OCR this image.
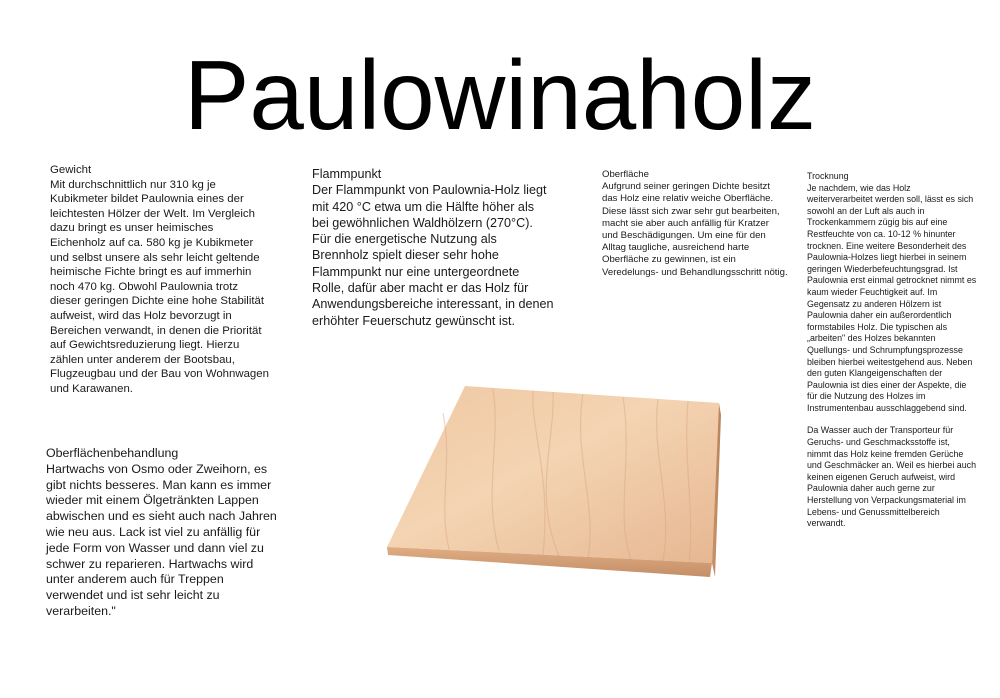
Paulowinaholz
Gewicht
Mit durchschnittlich nur 310 kg je
Kubikmeter bildet Paulownia eines der
leichtesten Hölzer der Welt. Im Vergleich
dazu bringt es unser heimisches
Eichenholz auf ca. 580 kg je Kubikmeter
und selbst unsere als sehr leicht geltende
heimische Fichte bringt es auf immerhin
noch 470 kg. Obwohl Paulownia trotz
dieser geringen Dichte eine hohe Stabilität
aufweist, wird das Holz bevorzugt in
Bereichen verwandt, in denen die Priorität
auf Gewichtsreduzierung liegt. Hierzu
zählen unter anderem der Bootsbau,
Flugzeugbau und der Bau von Wohnwagen
und Karawanen.
Flammpunkt
Der Flammpunkt von Paulownia-Holz liegt
mit 420 °C etwa um die Hälfte höher als
bei gewöhnlichen Waldhölzern (270°C).
Für die energetische Nutzung als
Brennholz spielt dieser sehr hohe
Flammpunkt nur eine untergeordnete
Rolle, dafür aber macht er das Holz für
Anwendungsbereiche interessant, in denen
erhöhter Feuerschutz gewünscht ist.
Oberfläche
Aufgrund seiner geringen Dichte besitzt
das Holz eine relativ weiche Oberfläche.
Diese lässt sich zwar sehr gut bearbeiten,
macht sie aber auch anfällig für Kratzer
und Beschädigungen. Um eine für den
Alltag taugliche, ausreichend harte
Oberfläche zu gewinnen, ist ein
Veredelungs- und Behandlungsschritt nötig.
Trocknung
Je nachdem, wie das Holz
weiterverarbeitet werden soll, lässt es sich
sowohl an der Luft als auch in
Trockenkammern zügig bis auf eine
Restfeuchte von ca. 10-12 % hinunter
trocknen. Eine weitere Besonderheit des
Paulownia-Holzes liegt hierbei in seinem
geringen Wiederbefeuchtungsgrad. Ist
Paulownia erst einmal getrocknet nimmt es
kaum wieder Feuchtigkeit auf. Im
Gegensatz zu anderen Hölzern ist
Paulownia daher ein außerordentlich
formstabiles Holz. Die typischen als
„arbeiten" des Holzes bekannten
Quellungs- und Schrumpfungsprozesse
bleiben hierbei weitestgehend aus. Neben
den guten Klangeigenschaften der
Paulownia ist dies einer der Aspekte, die
für die Nutzung des Holzes im
Instrumentenbau ausschlaggebend sind.
Da Wasser auch der Transporteur für
Geruchs- und Geschmacksstoffe ist,
nimmt das Holz keine fremden Gerüche
und Geschmäcker an. Weil es hierbei auch
keinen eigenen Geruch aufweist, wird
Paulownia daher auch gerne zur
Herstellung von Verpackungsmaterial im
Lebens- und Genussmittelbereich
verwandt.
Oberflächenbehandlung
Hartwachs von Osmo oder Zweihorn, es
gibt nichts besseres. Man kann es immer
wieder mit einem Ölgetränkten Lappen
abwischen und es sieht auch nach Jahren
wie neu aus. Lack ist viel zu anfällig für
jede Form von Wasser und dann viel zu
schwer zu reparieren. Hartwachs wird
unter anderem auch für Treppen
verwendet und ist sehr leicht zu
verarbeiten."
